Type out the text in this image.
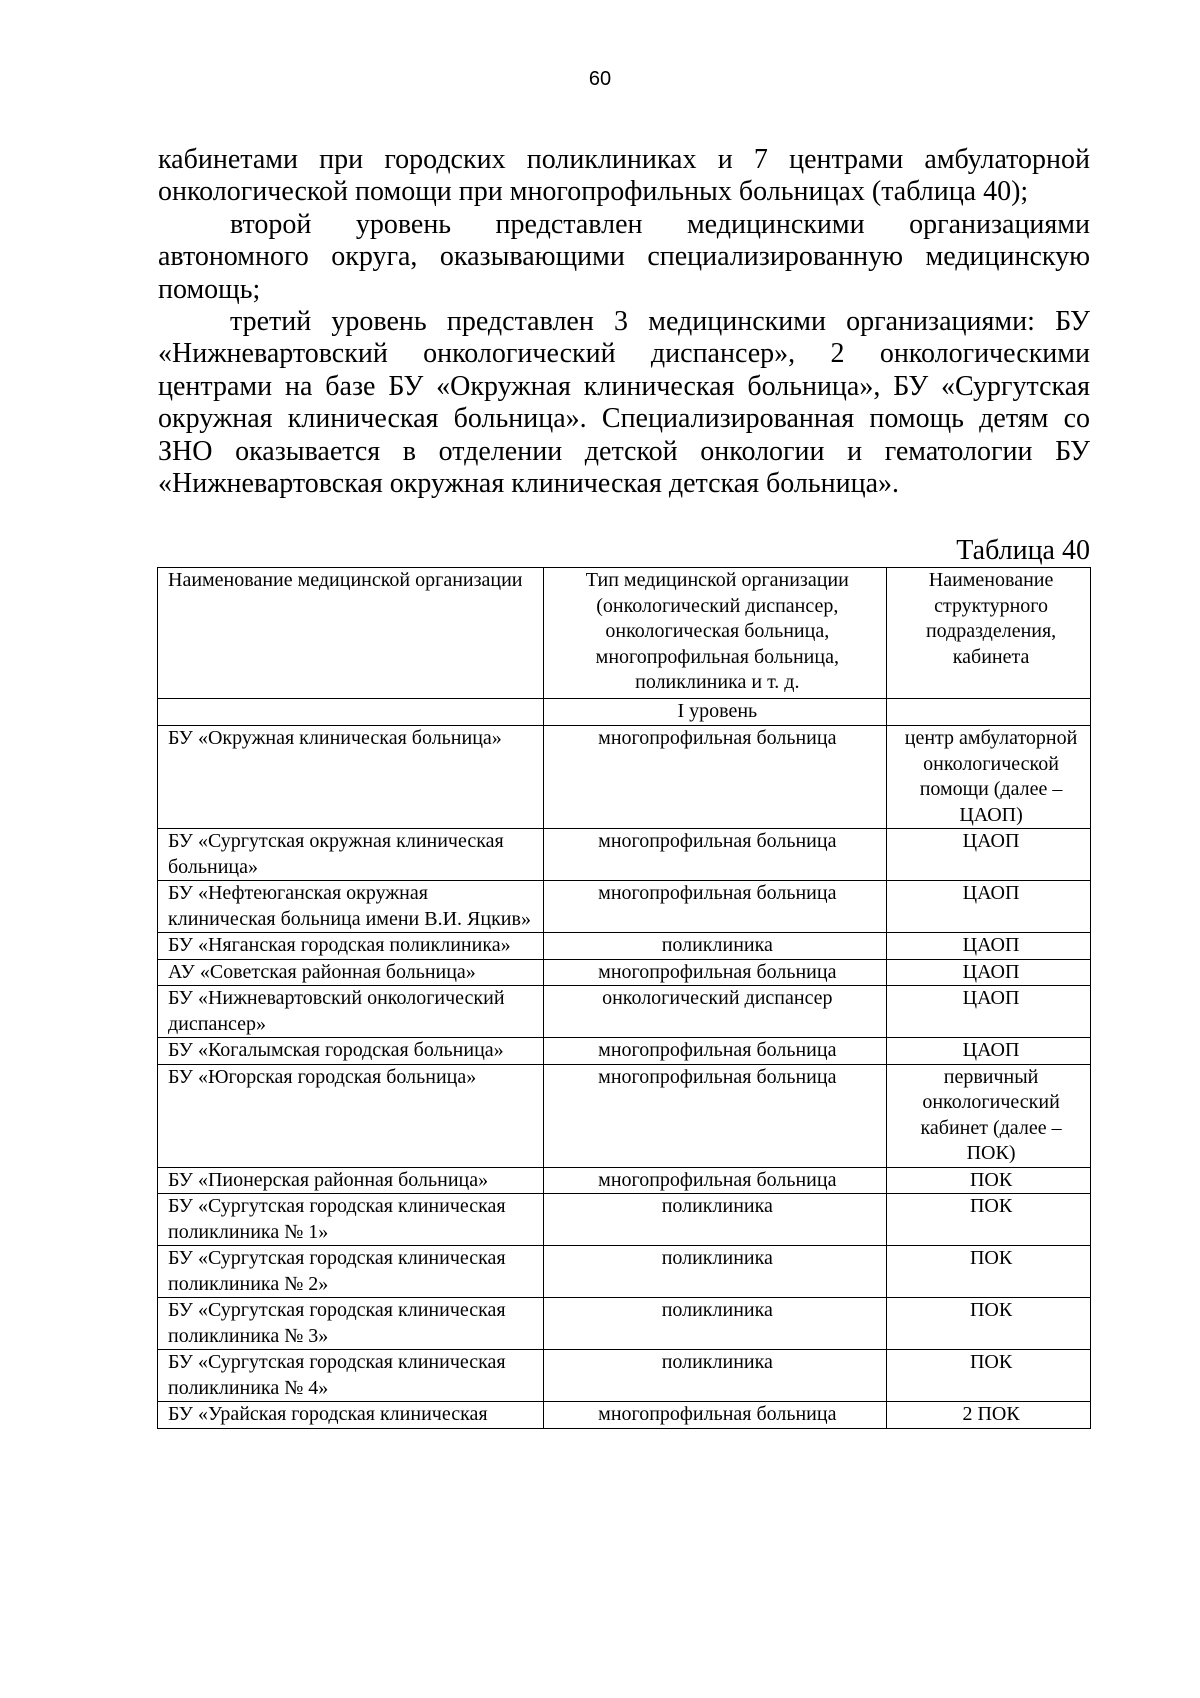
60

кабинетами при городских поликлиниках и 7 центрами амбулаторной онкологической помощи при многопрофильных больницах (таблица 40);

второй уровень представлен медицинскими организациями автономного округа, оказывающими специализированную медицинскую помощь;

третий уровень представлен 3 медицинскими организациями: БУ «Нижневартовский онкологический диспансер», 2 онкологическими центрами на базе БУ «Окружная клиническая больница», БУ «Сургутская окружная клиническая больница». Специализированная помощь детям со ЗНО оказывается в отделении детской онкологии и гематологии БУ «Нижневартовская окружная клиническая детская больница».

Таблица 40
Наименование медицинской организации	Тип медицинской организации (онкологический диспансер, онкологическая больница, многопрофильная больница, поликлиника и т. д.	Наименование структурного подразделения, кабинета
	I уровень	
БУ «Окружная клиническая больница»	многопрофильная больница	центр амбулаторной онкологической помощи (далее – ЦАОП)
БУ «Сургутская окружная клиническая больница»	многопрофильная больница	ЦАОП
БУ «Нефтеюганская окружная клиническая больница имени В.И. Яцкив»	многопрофильная больница	ЦАОП
БУ «Няганская городская поликлиника»	поликлиника	ЦАОП
АУ «Советская районная больница»	многопрофильная больница	ЦАОП
БУ «Нижневартовский онкологический диспансер»	онкологический диспансер	ЦАОП
БУ «Когалымская городская больница»	многопрофильная больница	ЦАОП
БУ «Югорская городская больница»	многопрофильная больница	первичный онкологический кабинет (далее – ПОК)
БУ «Пионерская районная больница»	многопрофильная больница	ПОК
БУ «Сургутская городская клиническая поликлиника № 1»	поликлиника	ПОК
БУ «Сургутская городская клиническая поликлиника № 2»	поликлиника	ПОК
БУ «Сургутская городская клиническая поликлиника № 3»	поликлиника	ПОК
БУ «Сургутская городская клиническая поликлиника № 4»	поликлиника	ПОК
БУ «Урайская городская клиническая	многопрофильная больница	2 ПОК
